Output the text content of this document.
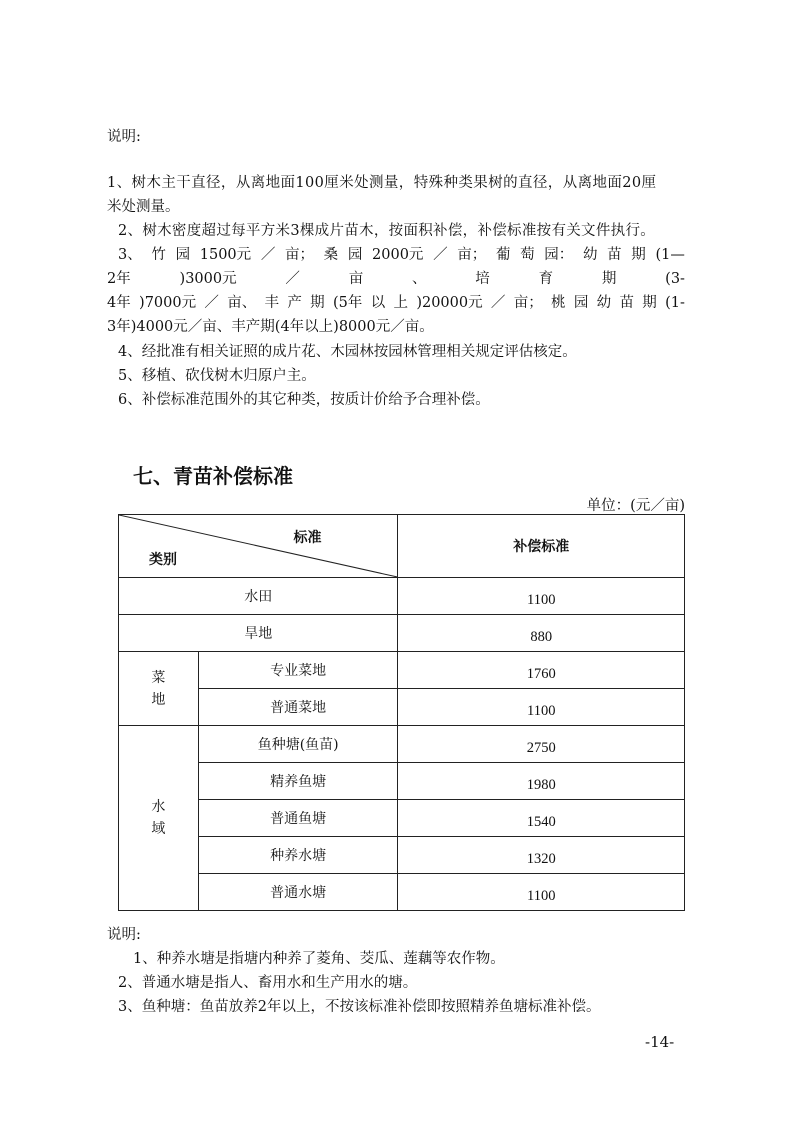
说明:
1、树木主干直径，从离地面100厘米处测量，特殊种类果树的直径，从离地面20厘
米处测量。
2、树木密度超过每平方米3棵成片苗木，按面积补偿，补偿标准按有关文件执行。
3、 竹 园 1500元 ／ 亩； 桑 园 2000元 ／ 亩； 葡 萄 园： 幼 苗 期 (1—
2年	)3000元	／	亩	、	培	育	期	(3-
4年 )7000元 ／ 亩、 丰 产 期 (5年 以 上 )20000元 ／ 亩； 桃 园 幼 苗 期 (1-
3年)4000元／亩、丰产期(4年以上)8000元／亩。
4、经批准有相关证照的成片花、木园林按园林管理相关规定评估核定。
5、移植、砍伐树木归原户主。
6、补偿标准范围外的其它种类，按质计价给予合理补偿。
七、青苗补偿标准
单位：(元／亩)
标准
类别		补偿标准
水田		1100
旱地		880
菜地	专业菜地	1760
	普通菜地	1100
水域	鱼种塘(鱼苗)	2750
	精养鱼塘	1980
	普通鱼塘	1540
	种养水塘	1320
	普通水塘	1100
说明:
1、种养水塘是指塘内种养了菱角、茭瓜、莲藕等农作物。
2、普通水塘是指人、畜用水和生产用水的塘。
3、鱼种塘：鱼苗放养2年以上，不按该标准补偿即按照精养鱼塘标准补偿。
-14-
